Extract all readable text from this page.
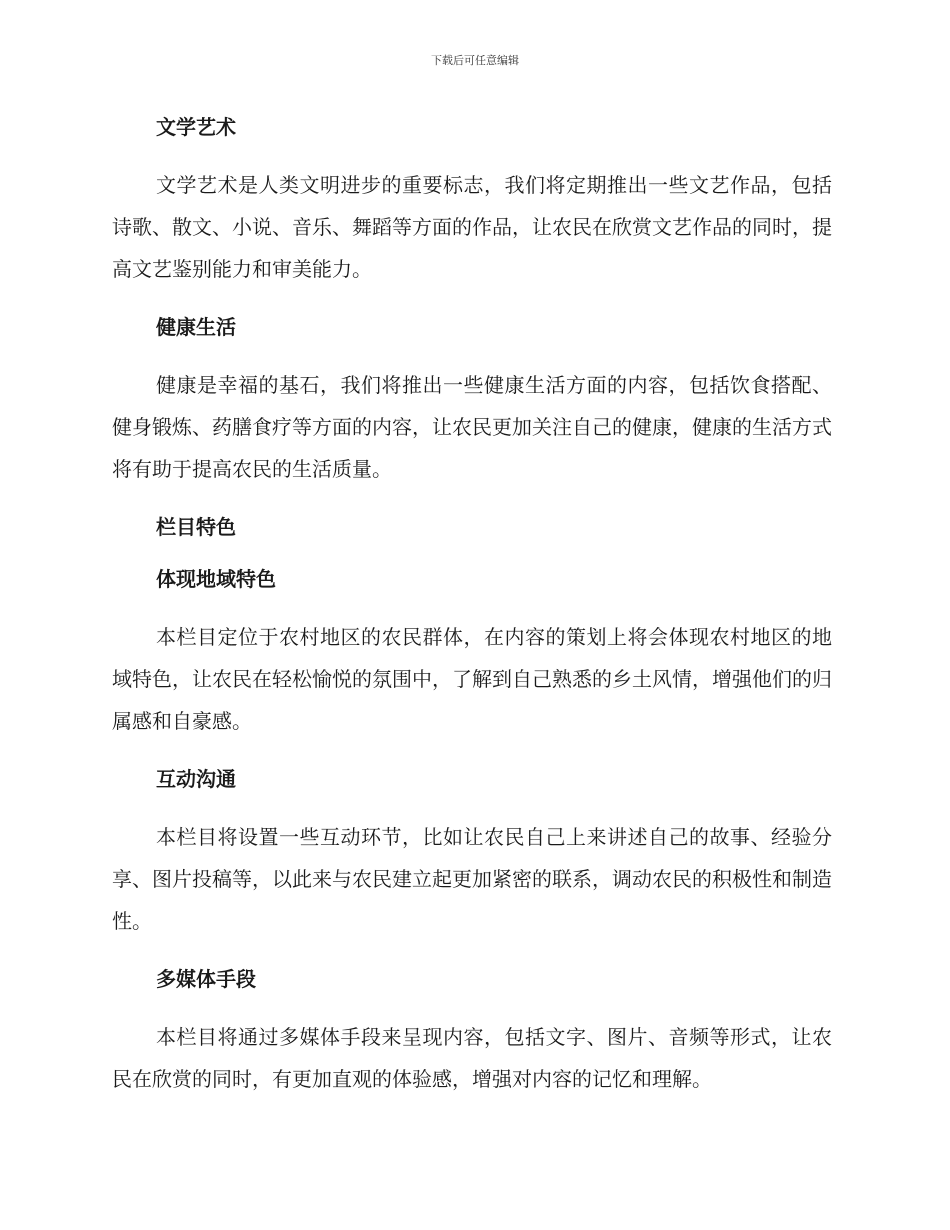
下载后可任意编辑
文学艺术

文学艺术是人类文明进步的重要标志，我们将定期推出一些文艺作品，包括诗歌、散文、小说、音乐、舞蹈等方面的作品，让农民在欣赏文艺作品的同时，提高文艺鉴别能力和审美能力。

健康生活

健康是幸福的基石，我们将推出一些健康生活方面的内容，包括饮食搭配、健身锻炼、药膳食疗等方面的内容，让农民更加关注自己的健康，健康的生活方式将有助于提高农民的生活质量。

栏目特色
体现地域特色

本栏目定位于农村地区的农民群体，在内容的策划上将会体现农村地区的地域特色，让农民在轻松愉悦的氛围中，了解到自己熟悉的乡土风情，增强他们的归属感和自豪感。

互动沟通

本栏目将设置一些互动环节，比如让农民自己上来讲述自己的故事、经验分享、图片投稿等，以此来与农民建立起更加紧密的联系，调动农民的积极性和制造性。

多媒体手段

本栏目将通过多媒体手段来呈现内容，包括文字、图片、音频等形式，让农民在欣赏的同时，有更加直观的体验感，增强对内容的记忆和理解。
